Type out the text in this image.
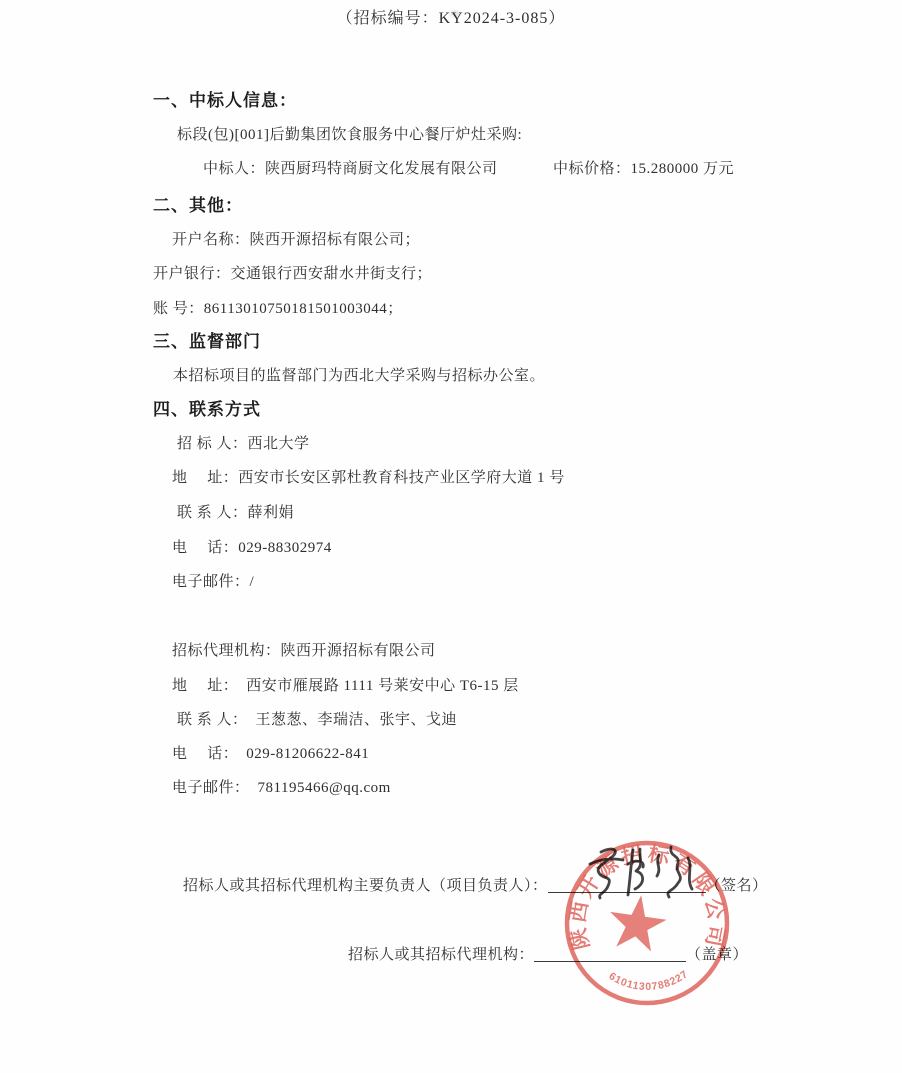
（招标编号：KY2024-3-085）
一、中标人信息：
标段(包)[001]后勤集团饮食服务中心餐厅炉灶采购:
中标人：陕西厨玛特商厨文化发展有限公司	中标价格：15.280000 万元
二、其他：
开户名称：陕西开源招标有限公司；
开户银行：交通银行西安甜水井街支行；
账 号：86113010750181501003044；
三、监督部门
本招标项目的监督部门为西北大学采购与招标办公室。
四、联系方式
招 标 人：西北大学
地　 址：西安市长安区郭杜教育科技产业区学府大道 1 号
联 系 人：薛利娟
电　 话：029-88302974
电子邮件：/
招标代理机构：陕西开源招标有限公司
地　 址：　西安市雁展路 1111 号莱安中心 T6-15 层
联 系 人：　王葱葱、李瑞洁、张宇、戈迪
电　 话：　029-81206622-841
电子邮件：　781195466@qq.com
招标人或其招标代理机构主要负责人（项目负责人）：	（签名）
招标人或其招标代理机构：	（盖章）
陕西开源招标有限公司
6101130788227
